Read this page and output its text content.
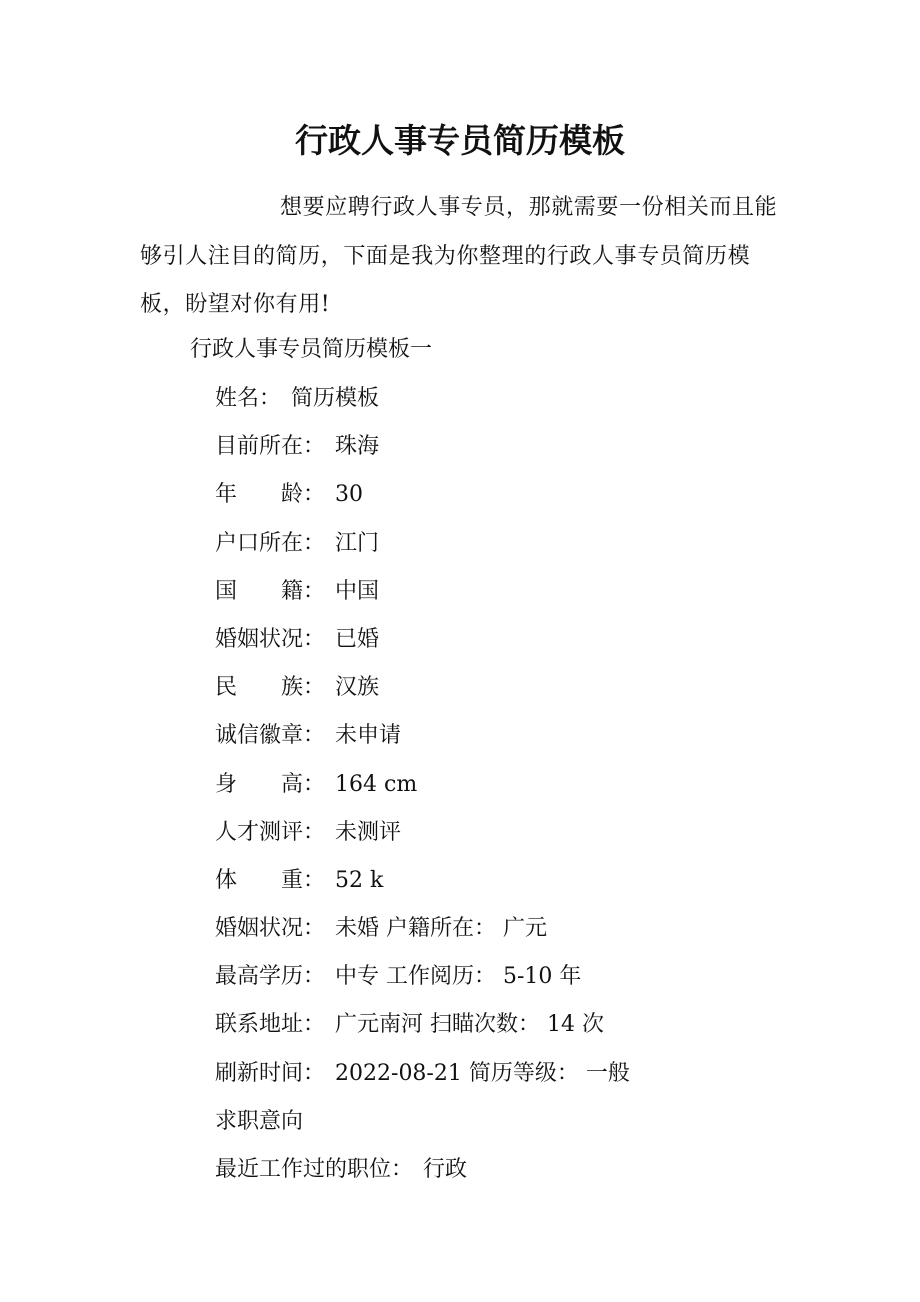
行政人事专员简历模板

想要应聘行政人事专员，那就需要一份相关而且能够引人注目的简历，下面是我为你整理的行政人事专员简历模板，盼望对你有用!

行政人事专员简历模板一

姓名： 简历模板
目前所在： 珠海
年　　龄： 30
户口所在： 江门
国　　籍： 中国
婚姻状况： 已婚
民　　族： 汉族
诚信徽章： 未申请
身　　高： 164 cm
人才测评： 未测评
体　　重： 52 k
婚姻状况： 未婚 户籍所在： 广元
最高学历： 中专 工作阅历： 5-10 年
联系地址： 广元南河 扫瞄次数： 14 次
刷新时间： 2022-08-21 简历等级： 一般
求职意向
最近工作过的职位： 行政
